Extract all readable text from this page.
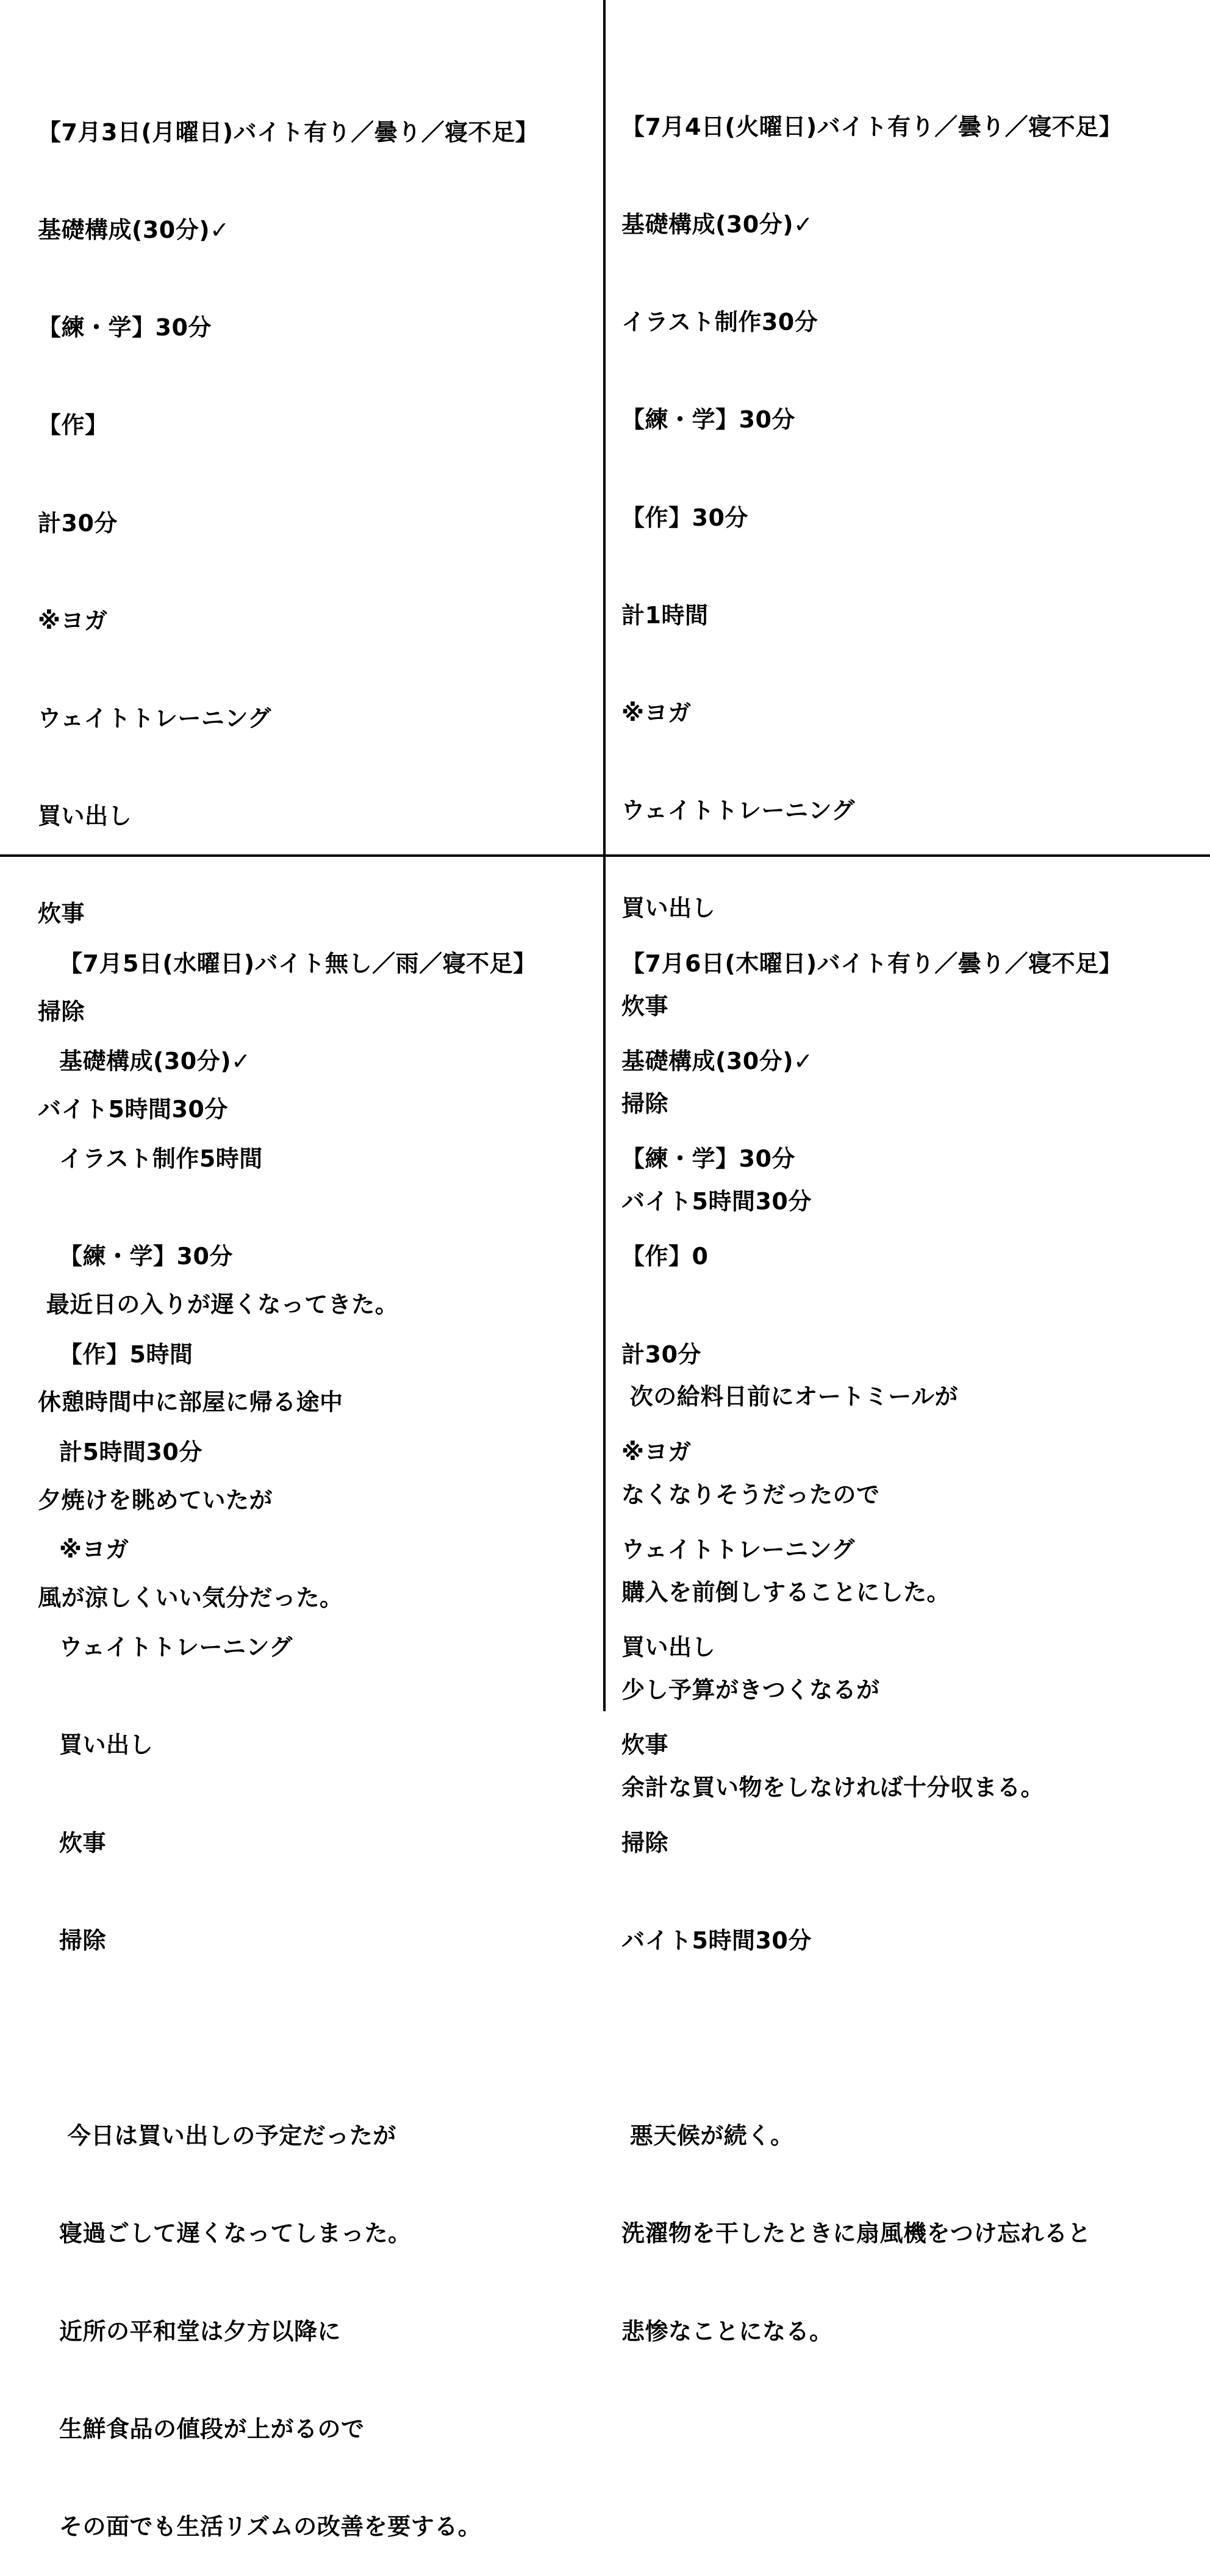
【7月3日(月曜日)バイト有り／曇り／寝不足】

基礎構成(30分)✓

【練・学】30分

【作】

計30分

※ヨガ

ウェイトトレーニング

買い出し

炊事

掃除

バイト5時間30分

最近日の入りが遅くなってきた。

休憩時間中に部屋に帰る途中

夕焼けを眺めていたが

風が涼しくいい気分だった。

【7月4日(火曜日)バイト有り／曇り／寝不足】

基礎構成(30分)✓

イラスト制作30分

【練・学】30分

【作】30分

計1時間

※ヨガ

ウェイトトレーニング

買い出し

炊事

掃除

バイト5時間30分

次の給料日前にオートミールが

なくなりそうだったので

購入を前倒しすることにした。

少し予算がきつくなるが

余計な買い物をしなければ十分収まる。

【7月5日(水曜日)バイト無し／雨／寝不足】

基礎構成(30分)✓

イラスト制作5時間

【練・学】30分

【作】5時間

計5時間30分

※ヨガ

ウェイトトレーニング

買い出し

炊事

掃除

今日は買い出しの予定だったが

寝過ごして遅くなってしまった。

近所の平和堂は夕方以降に

生鮮食品の値段が上がるので

その面でも生活リズムの改善を要する。

【7月6日(木曜日)バイト有り／曇り／寝不足】

基礎構成(30分)✓

【練・学】30分

【作】0

計30分

※ヨガ

ウェイトトレーニング

買い出し

炊事

掃除

バイト5時間30分

悪天候が続く。

洗濯物を干したときに扇風機をつけ忘れると

悲惨なことになる。
